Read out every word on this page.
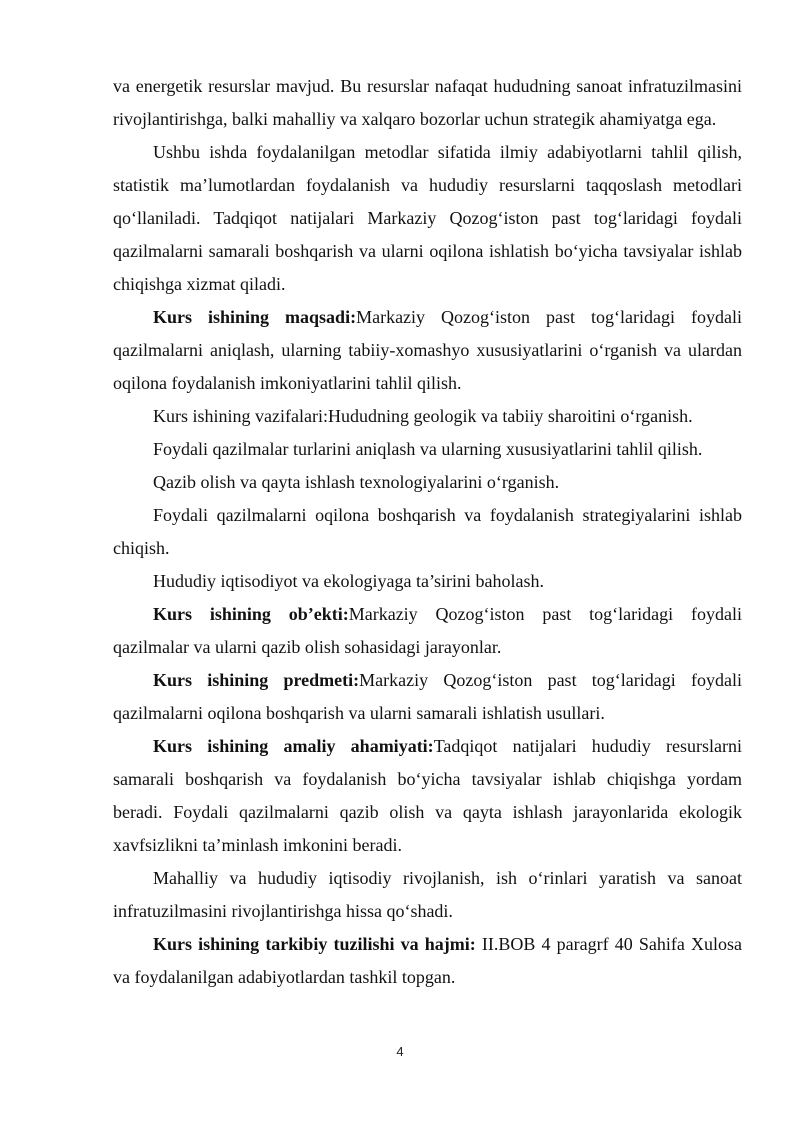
va energetik resurslar mavjud. Bu resurslar nafaqat hududning sanoat infratuzilmasini rivojlantirishga, balki mahalliy va xalqaro bozorlar uchun strategik ahamiyatga ega.

Ushbu ishda foydalanilgan metodlar sifatida ilmiy adabiyotlarni tahlil qilish, statistik ma’lumotlardan foydalanish va hududiy resurslarni taqqoslash metodlari qo‘llaniladi. Tadqiqot natijalari Markaziy Qozog‘iston past tog‘laridagi foydali qazilmalarni samarali boshqarish va ularni oqilona ishlatish bo‘yicha tavsiyalar ishlab chiqishga xizmat qiladi.

Kurs ishining maqsadi:Markaziy Qozog‘iston past tog‘laridagi foydali qazilmalarni aniqlash, ularning tabiiy-xomashyo xususiyatlarini o‘rganish va ulardan oqilona foydalanish imkoniyatlarini tahlil qilish.

Kurs ishining vazifalari:Hududning geologik va tabiiy sharoitini o‘rganish.

Foydali qazilmalar turlarini aniqlash va ularning xususiyatlarini tahlil qilish.

Qazib olish va qayta ishlash texnologiyalarini o‘rganish.

Foydali qazilmalarni oqilona boshqarish va foydalanish strategiyalarini ishlab chiqish.

Hududiy iqtisodiyot va ekologiyaga ta’sirini baholash.

Kurs ishining ob’ekti:Markaziy Qozog‘iston past tog‘laridagi foydali qazilmalar va ularni qazib olish sohasidagi jarayonlar.

Kurs ishining predmeti:Markaziy Qozog‘iston past tog‘laridagi foydali qazilmalarni oqilona boshqarish va ularni samarali ishlatish usullari.

Kurs ishining amaliy ahamiyati:Tadqiqot natijalari hududiy resurslarni samarali boshqarish va foydalanish bo‘yicha tavsiyalar ishlab chiqishga yordam beradi. Foydali qazilmalarni qazib olish va qayta ishlash jarayonlarida ekologik xavfsizlikni ta’minlash imkonini beradi.

Mahalliy va hududiy iqtisodiy rivojlanish, ish o‘rinlari yaratish va sanoat infratuzilmasini rivojlantirishga hissa qo‘shadi.

Kurs ishining tarkibiy tuzilishi va hajmi: II.BOB 4 paragrf 40 Sahifa Xulosa va foydalanilgan adabiyotlardan tashkil topgan.

4
